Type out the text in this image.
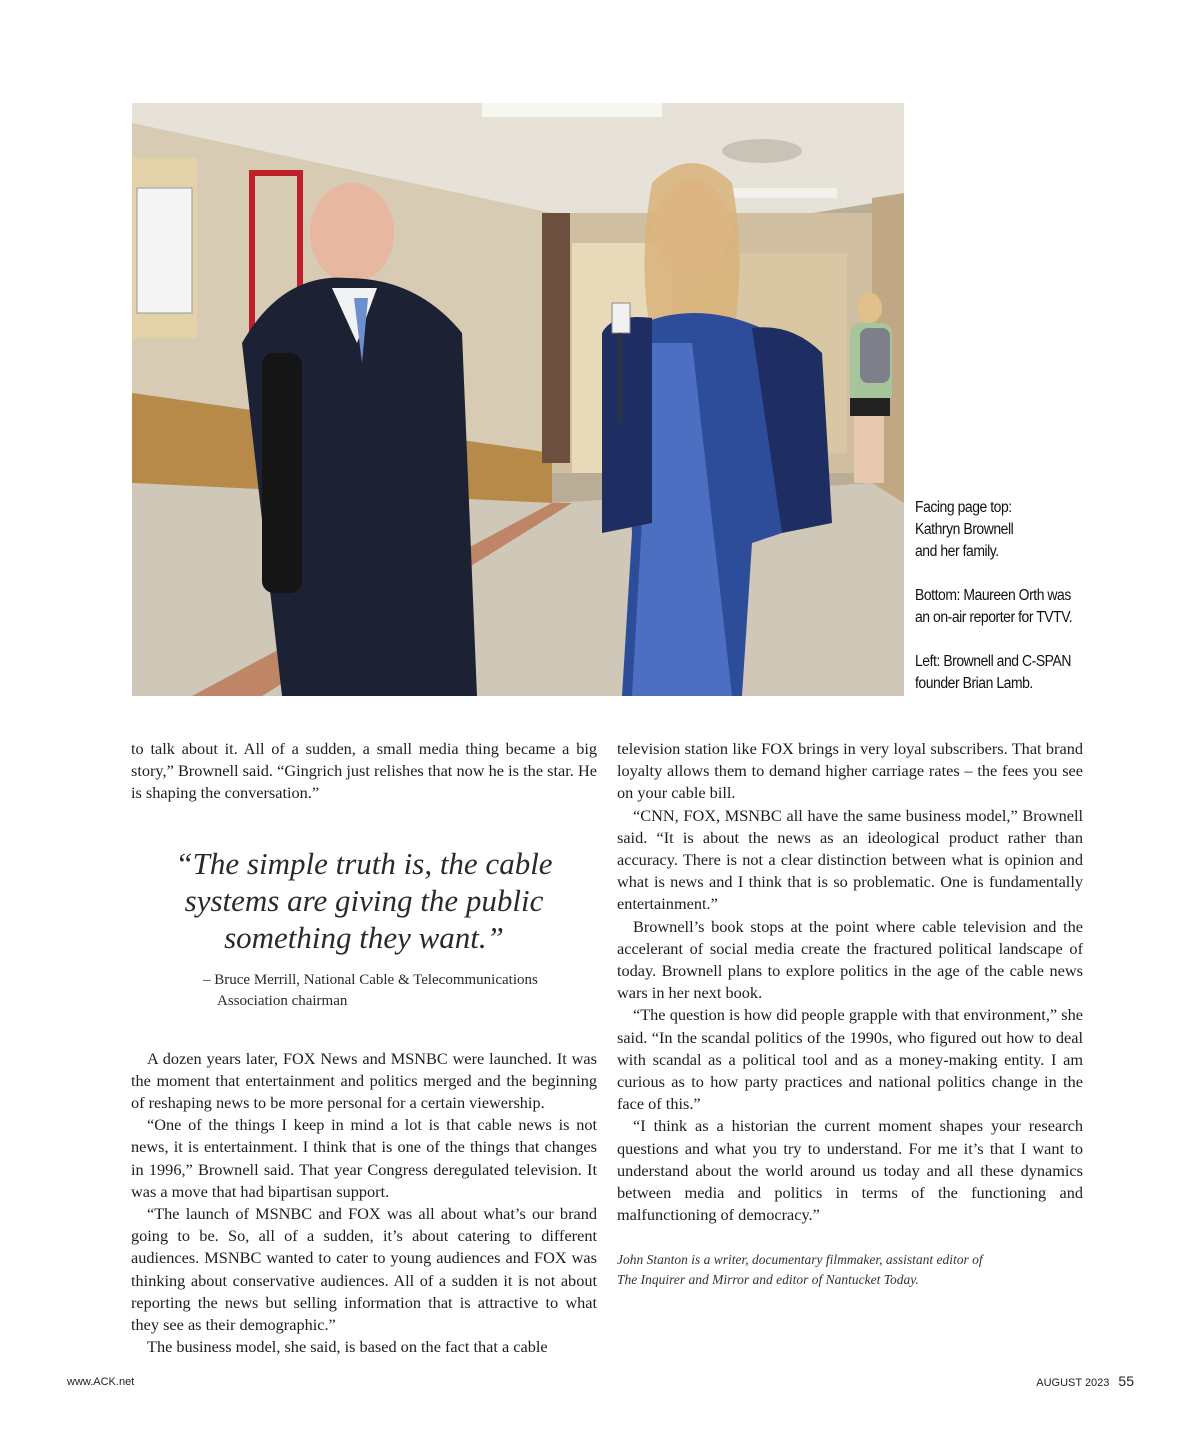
Facing page top:
Kathryn Brownell
and her family.

Bottom: Maureen Orth was
an on-air reporter for TVTV.

Left: Brownell and C-SPAN
founder Brian Lamb.

to talk about it. All of a sudden, a small media thing became a big story,” Brownell said. “Gingrich just relishes that now he is the star. He is shaping the conversation.”

“The simple truth is, the cable systems are giving the public something they want.”
– Bruce Merrill, National Cable & Telecommunications Association chairman

A dozen years later, FOX News and MSNBC were launched. It was the moment that entertainment and politics merged and the beginning of reshaping news to be more personal for a certain viewership.

“One of the things I keep in mind a lot is that cable news is not news, it is entertainment. I think that is one of the things that changes in 1996,” Brownell said. That year Congress deregulated television. It was a move that had bipartisan support.

“The launch of MSNBC and FOX was all about what’s our brand going to be. So, all of a sudden, it’s about catering to different audiences. MSNBC wanted to cater to young audiences and FOX was thinking about conservative audiences. All of a sudden it is not about reporting the news but selling information that is attractive to what they see as their demographic.”

The business model, she said, is based on the fact that a cable

television station like FOX brings in very loyal subscribers. That brand loyalty allows them to demand higher carriage rates – the fees you see on your cable bill.

“CNN, FOX, MSNBC all have the same business model,” Brownell said. “It is about the news as an ideological product rather than accuracy. There is not a clear distinction between what is opinion and what is news and I think that is so problematic. One is fundamentally entertainment.”

Brownell’s book stops at the point where cable television and the accelerant of social media create the fractured political landscape of today. Brownell plans to explore politics in the age of the cable news wars in her next book.

“The question is how did people grapple with that environment,” she said. “In the scandal politics of the 1990s, who figured out how to deal with scandal as a political tool and as a money-making entity. I am curious as to how party practices and national politics change in the face of this.”

“I think as a historian the current moment shapes your research questions and what you try to understand. For me it’s that I want to understand about the world around us today and all these dynamics between media and politics in terms of the functioning and malfunctioning of democracy.”

John Stanton is a writer, documentary filmmaker, assistant editor of
The Inquirer and Mirror and editor of Nantucket Today.
www.ACK.net	AUGUST 2023 55
